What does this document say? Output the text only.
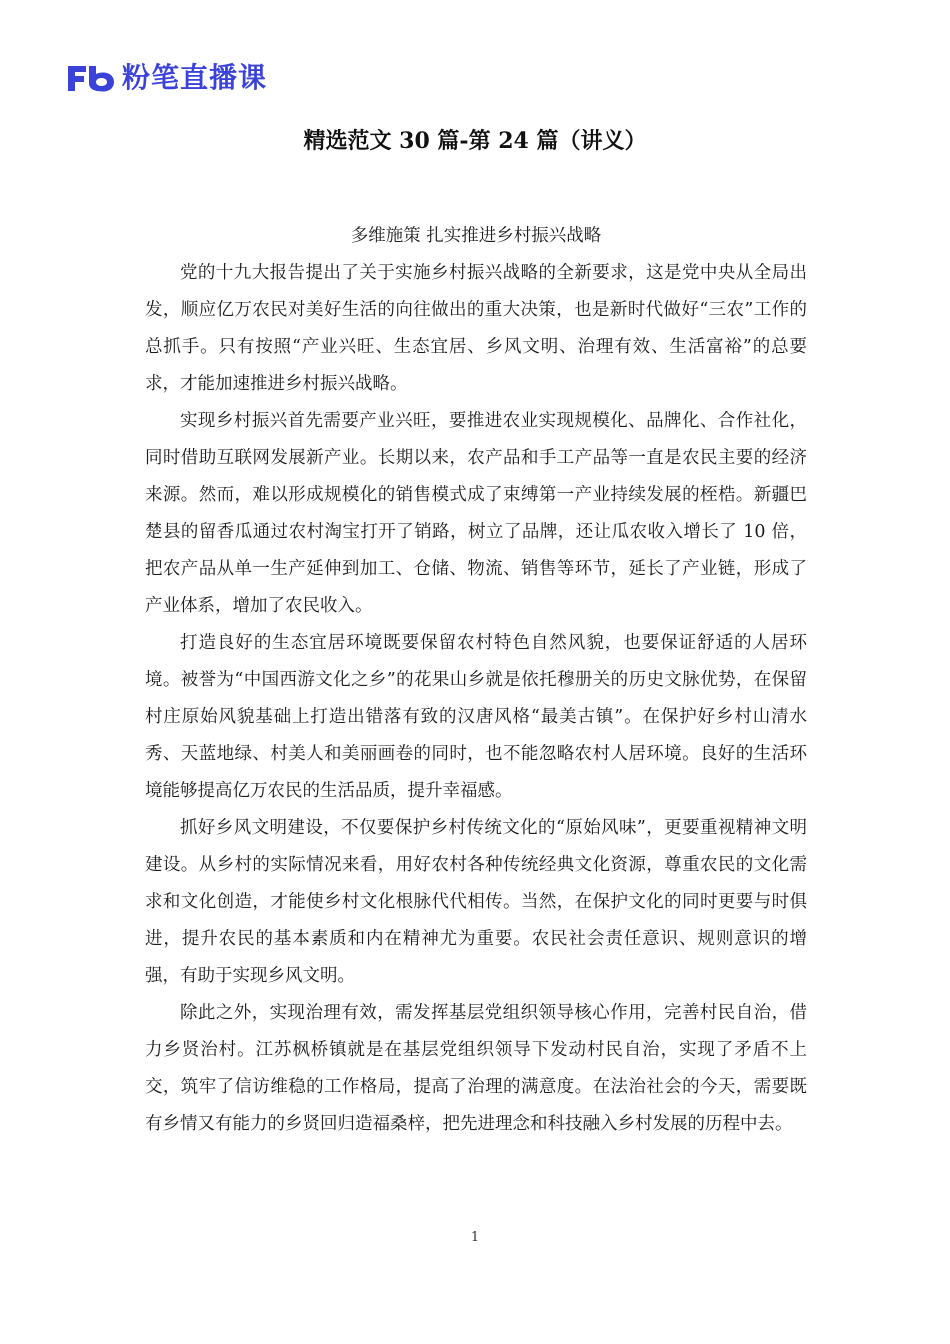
粉笔直播课
精选范文 30 篇-第 24 篇（讲义）

多维施策 扎实推进乡村振兴战略

党的十九大报告提出了关于实施乡村振兴战略的全新要求，这是党中央从全局出发，顺应亿万农民对美好生活的向往做出的重大决策，也是新时代做好“三农”工作的总抓手。只有按照“产业兴旺、生态宜居、乡风文明、治理有效、生活富裕”的总要求，才能加速推进乡村振兴战略。

实现乡村振兴首先需要产业兴旺，要推进农业实现规模化、品牌化、合作社化，同时借助互联网发展新产业。长期以来，农产品和手工产品等一直是农民主要的经济来源。然而，难以形成规模化的销售模式成了束缚第一产业持续发展的桎梏。新疆巴楚县的留香瓜通过农村淘宝打开了销路，树立了品牌，还让瓜农收入增长了 10 倍，把农产品从单一生产延伸到加工、仓储、物流、销售等环节，延长了产业链，形成了产业体系，增加了农民收入。

打造良好的生态宜居环境既要保留农村特色自然风貌，也要保证舒适的人居环境。被誉为“中国西游文化之乡”的花果山乡就是依托穆册关的历史文脉优势，在保留村庄原始风貌基础上打造出错落有致的汉唐风格“最美古镇”。在保护好乡村山清水秀、天蓝地绿、村美人和美丽画卷的同时，也不能忽略农村人居环境。良好的生活环境能够提高亿万农民的生活品质，提升幸福感。

抓好乡风文明建设，不仅要保护乡村传统文化的“原始风味”，更要重视精神文明建设。从乡村的实际情况来看，用好农村各种传统经典文化资源，尊重农民的文化需求和文化创造，才能使乡村文化根脉代代相传。当然，在保护文化的同时更要与时俱进，提升农民的基本素质和内在精神尤为重要。农民社会责任意识、规则意识的增强，有助于实现乡风文明。

除此之外，实现治理有效，需发挥基层党组织领导核心作用，完善村民自治，借力乡贤治村。江苏枫桥镇就是在基层党组织领导下发动村民自治，实现了矛盾不上交，筑牢了信访维稳的工作格局，提高了治理的满意度。在法治社会的今天，需要既有乡情又有能力的乡贤回归造福桑梓，把先进理念和科技融入乡村发展的历程中去。

1
